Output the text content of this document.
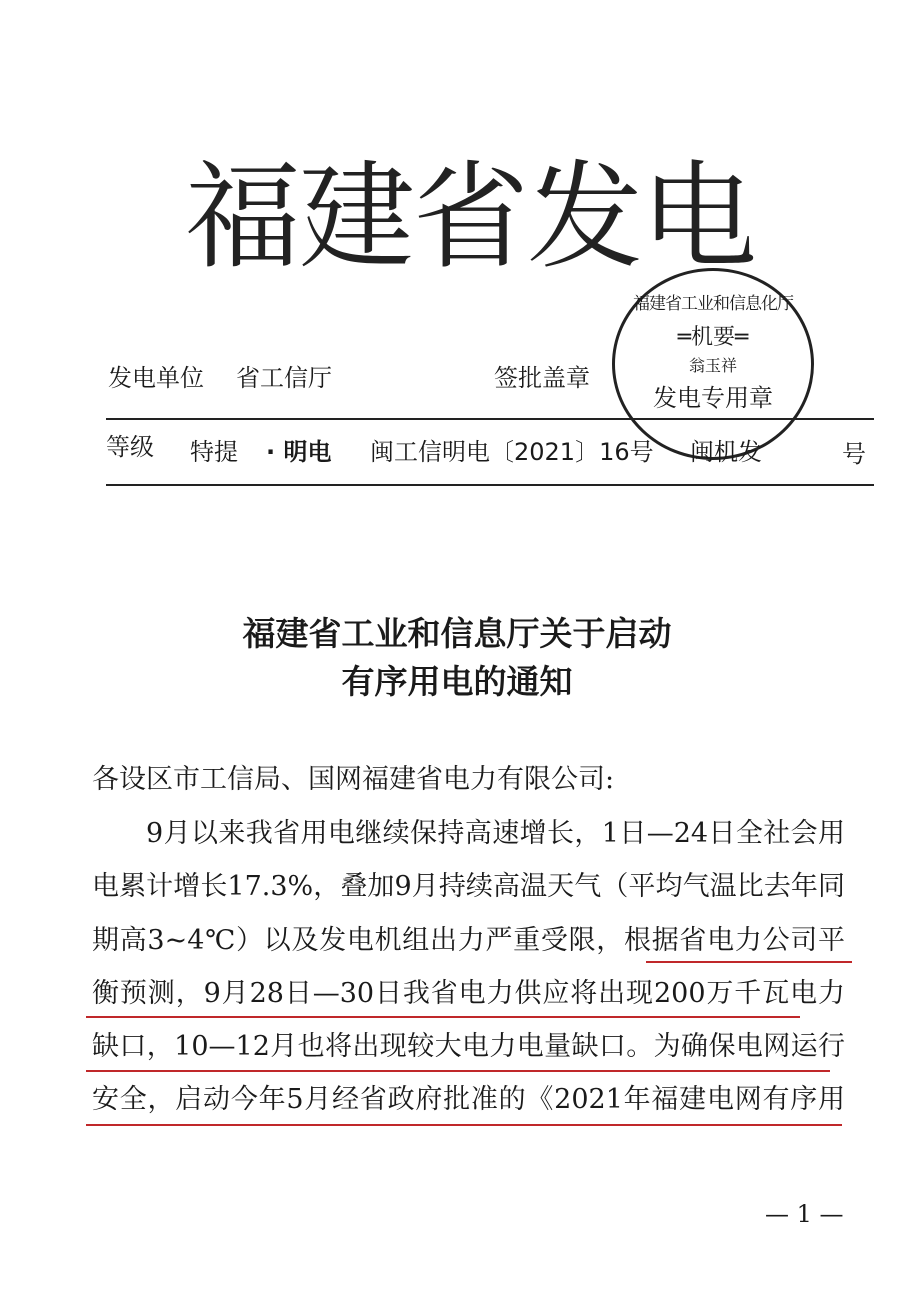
福建省发电
发电单位 省工信厅	签批盖章
福建省工业和信息化厅
═机要═
翁玉祥
发电专用章
等级 特提 · 明电 闽工信明电〔2021〕16号 闽机发	号
福建省工业和信息厅关于启动
有序用电的通知
各设区市工信局、国网福建省电力有限公司:
9月以来我省用电继续保持高速增长，1日—24日全社会用
电累计增长17.3%，叠加9月持续高温天气（平均气温比去年同
期高3~4℃）以及发电机组出力严重受限，根据省电力公司平
衡预测，9月28日—30日我省电力供应将出现200万千瓦电力
缺口，10—12月也将出现较大电力电量缺口。为确保电网运行
安全，启动今年5月经省政府批准的《2021年福建电网有序用
— 1 —
